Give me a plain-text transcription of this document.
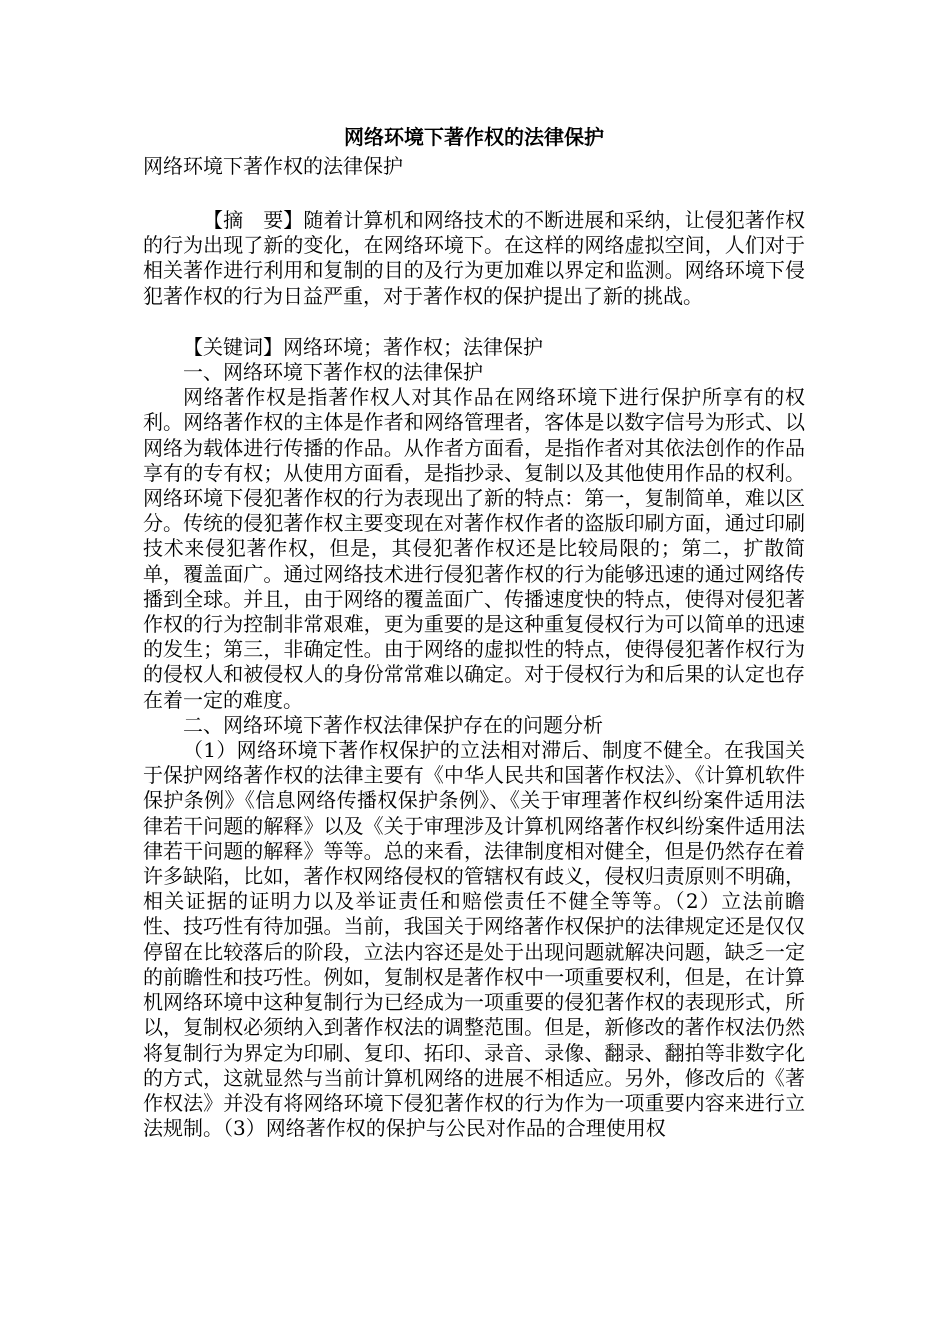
网络环境下著作权的法律保护

网络环境下著作权的法律保护

【摘　要】随着计算机和网络技术的不断进展和采纳，让侵犯著作权的行为出现了新的变化，在网络环境下。在这样的网络虚拟空间，人们对于相关著作进行利用和复制的目的及行为更加难以界定和监测。网络环境下侵犯著作权的行为日益严重，对于著作权的保护提出了新的挑战。

【关键词】网络环境；著作权；法律保护

一、网络环境下著作权的法律保护

网络著作权是指著作权人对其作品在网络环境下进行保护所享有的权利。网络著作权的主体是作者和网络管理者，客体是以数字信号为形式、以网络为载体进行传播的作品。从作者方面看，是指作者对其依法创作的作品享有的专有权；从使用方面看，是指抄录、复制以及其他使用作品的权利。网络环境下侵犯著作权的行为表现出了新的特点：第一，复制简单，难以区分。传统的侵犯著作权主要变现在对著作权作者的盗版印刷方面，通过印刷技术来侵犯著作权，但是，其侵犯著作权还是比较局限的；第二，扩散简单，覆盖面广。通过网络技术进行侵犯著作权的行为能够迅速的通过网络传播到全球。并且，由于网络的覆盖面广、传播速度快的特点，使得对侵犯著作权的行为控制非常艰难，更为重要的是这种重复侵权行为可以简单的迅速的发生；第三，非确定性。由于网络的虚拟性的特点，使得侵犯著作权行为的侵权人和被侵权人的身份常常难以确定。对于侵权行为和后果的认定也存在着一定的难度。

二、网络环境下著作权法律保护存在的问题分析

（1）网络环境下著作权保护的立法相对滞后、制度不健全。在我国关于保护网络著作权的法律主要有《中华人民共和国著作权法》、《计算机软件保护条例》《信息网络传播权保护条例》、《关于审理著作权纠纷案件适用法律若干问题的解释》以及《关于审理涉及计算机网络著作权纠纷案件适用法律若干问题的解释》等等。总的来看，法律制度相对健全，但是仍然存在着许多缺陷，比如，著作权网络侵权的管辖权有歧义，侵权归责原则不明确，相关证据的证明力以及举证责任和赔偿责任不健全等等。（2）立法前瞻性、技巧性有待加强。当前，我国关于网络著作权保护的法律规定还是仅仅停留在比较落后的阶段，立法内容还是处于出现问题就解决问题，缺乏一定的前瞻性和技巧性。例如，复制权是著作权中一项重要权利，但是，在计算机网络环境中这种复制行为已经成为一项重要的侵犯著作权的表现形式，所以，复制权必须纳入到著作权法的调整范围。但是，新修改的著作权法仍然将复制行为界定为印刷、复印、拓印、录音、录像、翻录、翻拍等非数字化的方式，这就显然与当前计算机网络的进展不相适应。另外，修改后的《著作权法》并没有将网络环境下侵犯著作权的行为作为一项重要内容来进行立法规制。（3）网络著作权的保护与公民对作品的合理使用权
